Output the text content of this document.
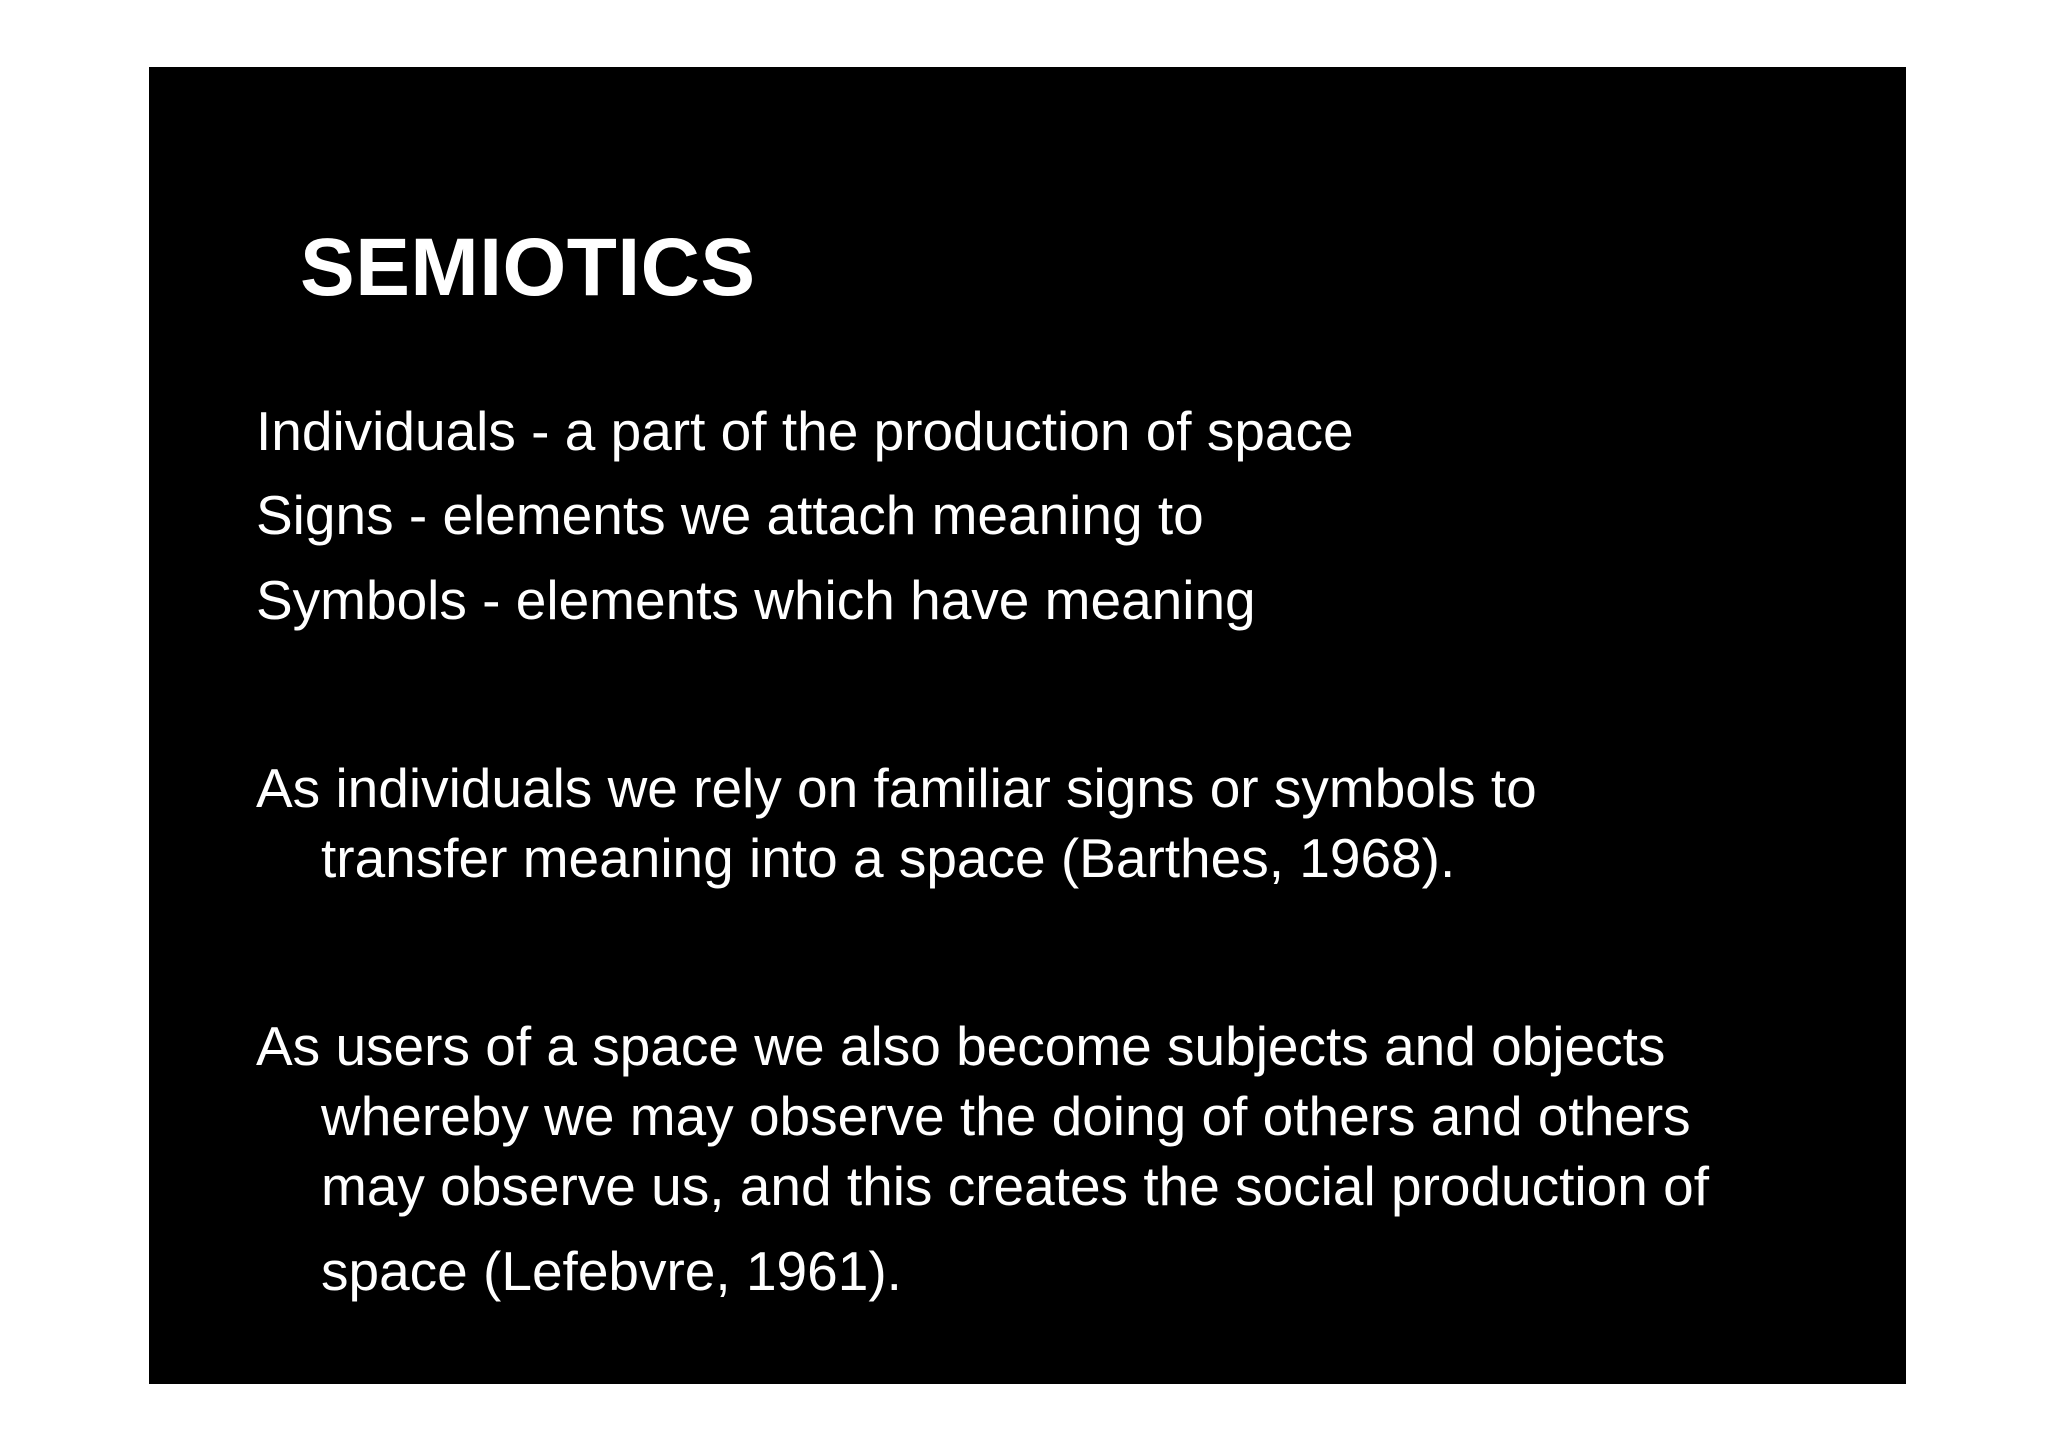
SEMIOTICS

Individuals - a part of the production of space

Signs - elements we attach meaning to

Symbols - elements which have meaning

As individuals we rely on familiar signs or symbols to

transfer meaning into a space (Barthes, 1968).

As users of a space we also become subjects and objects

whereby we may observe the doing of others and others

may observe us, and this creates the social production of

space (Lefebvre, 1961).
